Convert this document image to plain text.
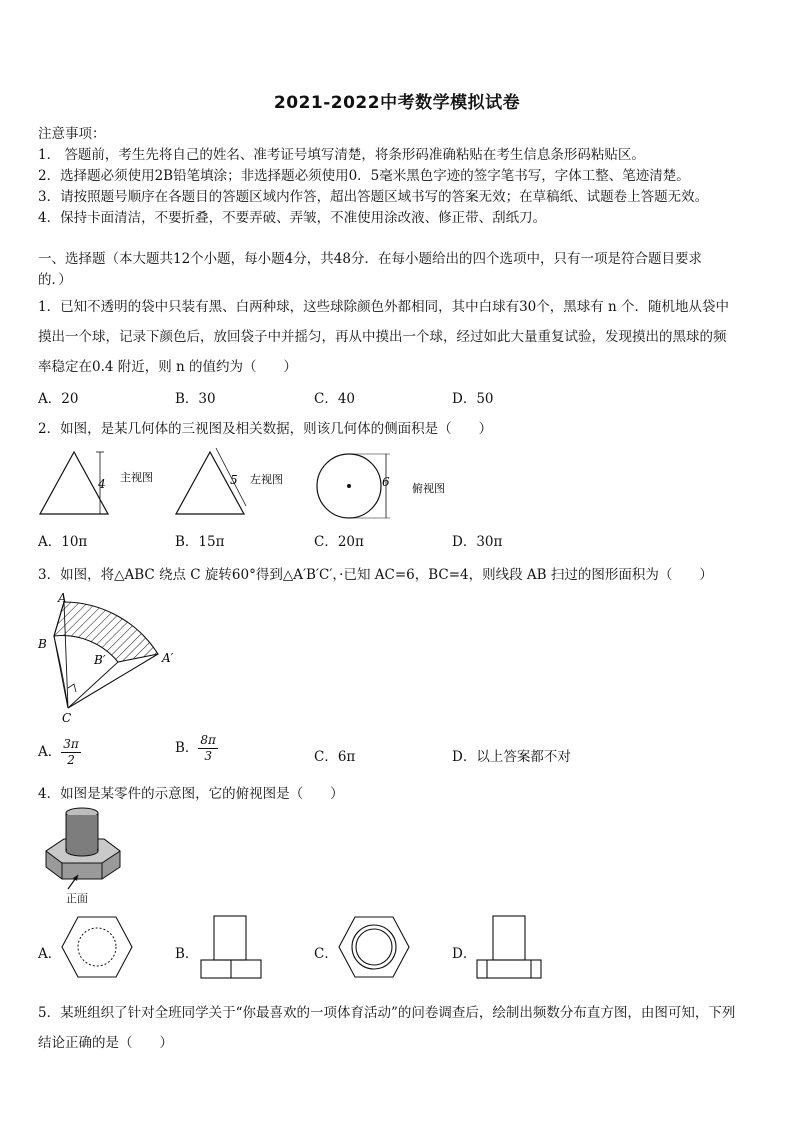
2021-2022中考数学模拟试卷
注意事项：
1． 答题前，考生先将自己的姓名、准考证号填写清楚，将条形码准确粘贴在考生信息条形码粘贴区。
2．选择题必须使用2B铅笔填涂；非选择题必须使用0．5毫米黑色字迹的签字笔书写，字体工整、笔迹清楚。
3．请按照题号顺序在各题目的答题区域内作答，超出答题区域书写的答案无效；在草稿纸、试题卷上答题无效。
4．保持卡面清洁，不要折叠，不要弄破、弄皱，不准使用涂改液、修正带、刮纸刀。
一、选择题（本大题共12个小题，每小题4分，共48分．在每小题给出的四个选项中，只有一项是符合题目要求
的．）
1．已知不透明的袋中只装有黑、白两种球，这些球除颜色外都相同，其中白球有30个，黑球有 n 个．随机地从袋中
摸出一个球，记录下颜色后，放回袋子中并摇匀，再从中摸出一个球，经过如此大量重复试验，发现摸出的黑球的频
率稳定在0.4 附近，则 n 的值约为（　　）
A．20	B．30	C．40	D．50
2．如图，是某几何体的三视图及相关数据，则该几何体的侧面积是（　　）
4 主视图	5 左视图	6 俯视图
A．10π	B．15π	C．20π	D．30π
3．如图，将△ABC 绕点 C 旋转60°得到△A′B′C′，·已知 AC=6，BC=4，则线段 AB 扫过的图形面积为（　　）
A
B
B′	A′
C
A． $\frac{3\pi}{2}$	B． $\frac{8\pi}{3}$	C．6π	D．以上答案都不对
4．如图是某零件的示意图，它的俯视图是（　　）
正面
A．	B．	C．	D．
5．某班组织了针对全班同学关于“你最喜欢的一项体育活动”的问卷调查后，绘制出频数分布直方图，由图可知，下列
结论正确的是（　　）
